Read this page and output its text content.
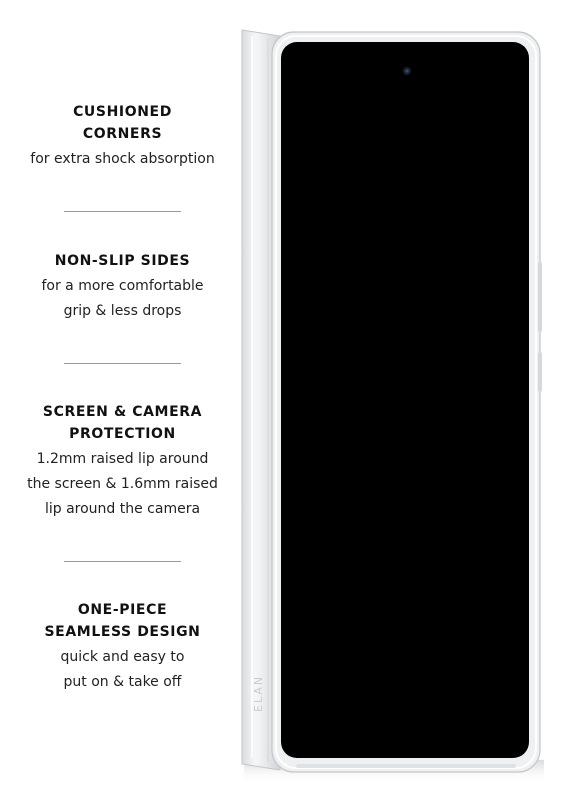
CUSHIONED
CORNERS
for extra shock absorption
NON-SLIP SIDES
for a more comfortable
grip & less drops
SCREEN & CAMERA
PROTECTION
1.2mm raised lip around
the screen & 1.6mm raised
lip around the camera
ONE-PIECE
SEAMLESS DESIGN
quick and easy to
put on & take off	ELAN
